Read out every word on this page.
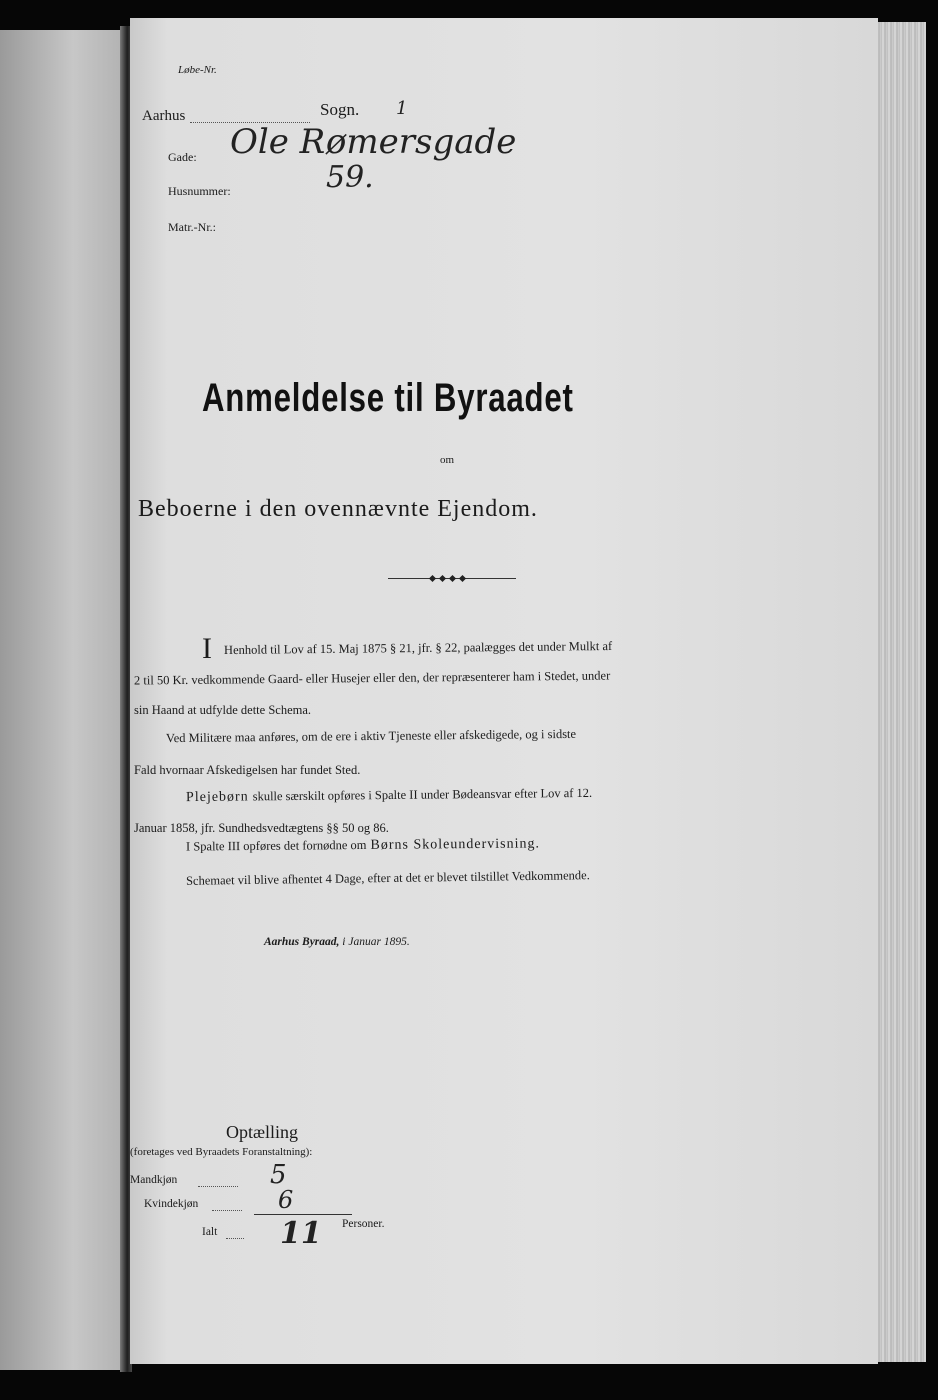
Løbe-Nr.
Aarhus	Sogn. 1
Gade: Ole Rømersgade
Husnummer:	59.
Matr.-Nr.:
Anmeldelse til Byraadet
om
Beboerne i den ovennævnte Ejendom.
I Henhold til Lov af 15. Maj 1875 § 21, jfr. § 22, paalægges det under Mulkt af
2 til 50 Kr. vedkommende Gaard- eller Husejer eller den, der repræsenterer ham i Stedet, under
sin Haand at udfylde dette Schema.
Ved Militære maa anføres, om de ere i aktiv Tjeneste eller afskedigede, og i sidste
Fald hvornaar Afskedigelsen har fundet Sted.
Plejebørn skulle særskilt opføres i Spalte II under Bødeansvar efter Lov af 12.
Januar 1858, jfr. Sundhedsvedtægtens §§ 50 og 86.
I Spalte III opføres det fornødne om Børns Skoleundervisning.
Schemaet vil blive afhentet 4 Dage, efter at det er blevet tilstillet Vedkommende.
Aarhus Byraad, i Januar 1895.
Optælling
(foretages ved Byraadets Foranstaltning):
Mandkjøn	5
Kvindekjøn	6
Ialt 11 Personer.
